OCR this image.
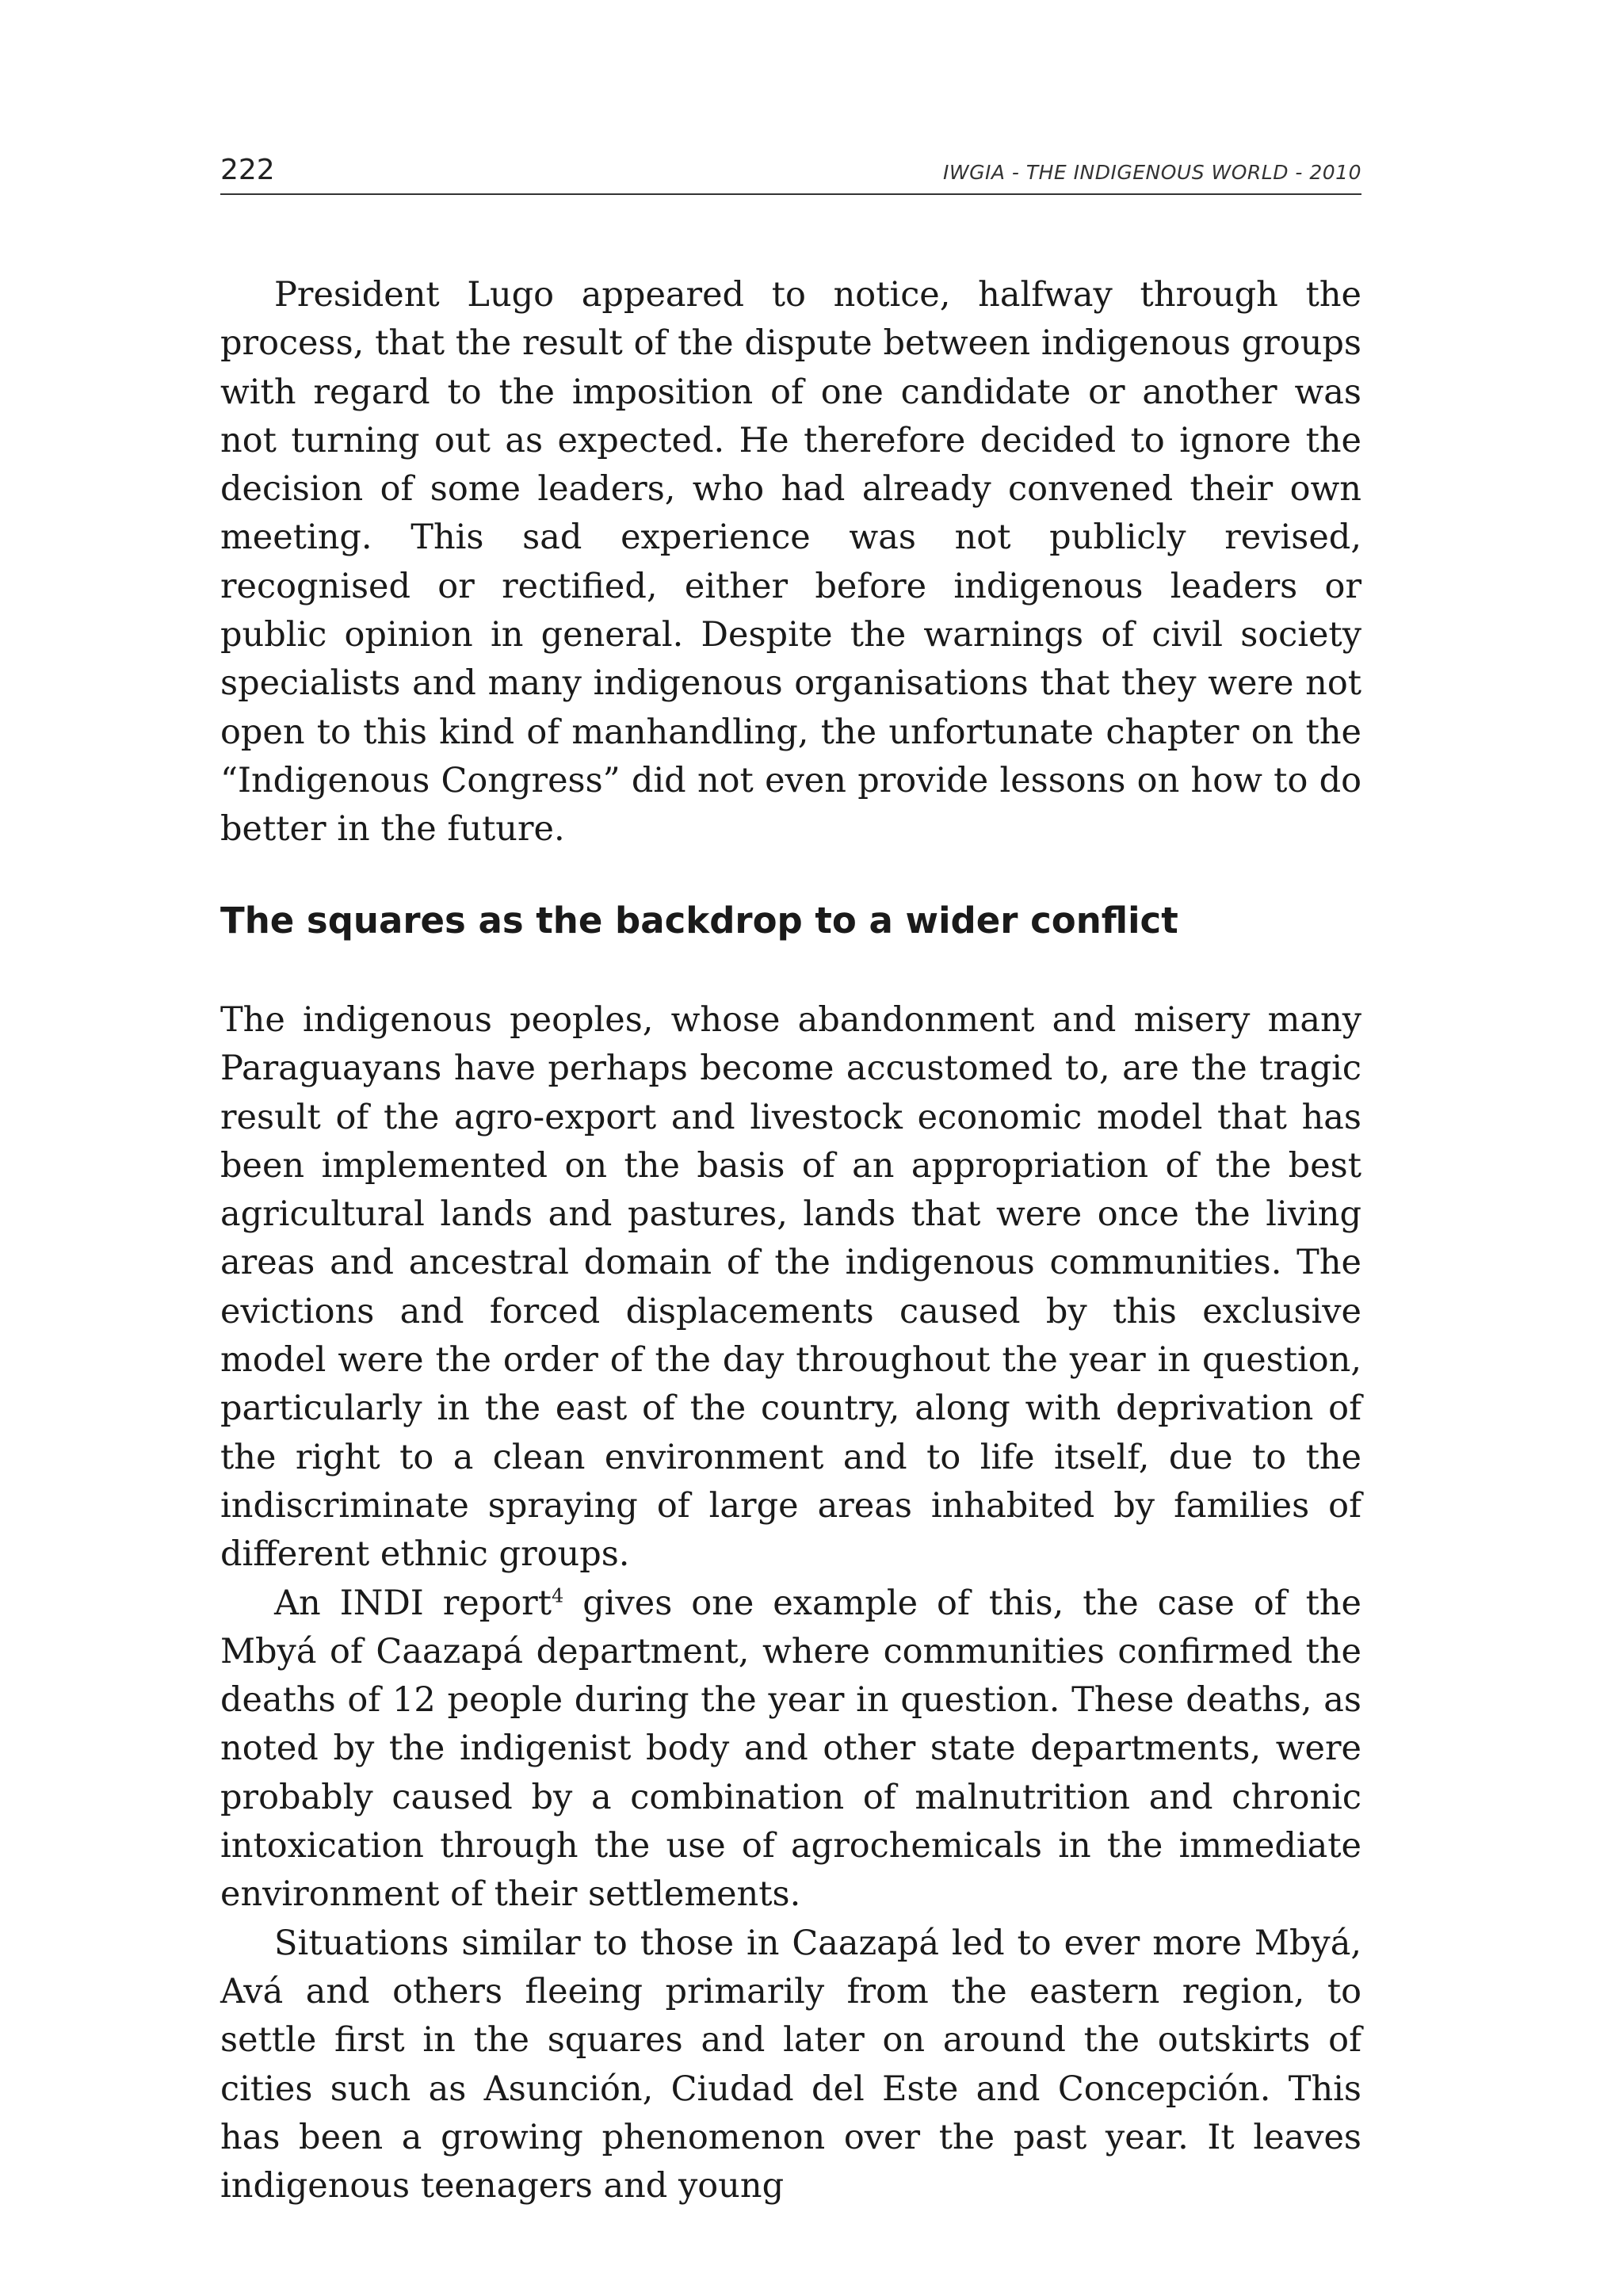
222	IWGIA - THE INDIGENOUS WORLD - 2010

President Lugo appeared to notice, halfway through the process, that the result of the dispute between indigenous groups with regard to the imposition of one candidate or another was not turning out as expected. He therefore decided to ignore the decision of some leaders, who had already convened their own meeting. This sad experience was not publicly revised, recognised or rectified, either before indigenous leaders or public opinion in general. Despite the warnings of civil society specialists and many indigenous organisations that they were not open to this kind of manhandling, the unfortunate chapter on the “Indigenous Congress” did not even provide lessons on how to do better in the future.

The squares as the backdrop to a wider conflict

The indigenous peoples, whose abandonment and misery many Paraguayans have perhaps become accustomed to, are the tragic result of the agro-export and livestock economic model that has been implemented on the basis of an appropriation of the best agricultural lands and pastures, lands that were once the living areas and ancestral domain of the indigenous communities. The evictions and forced displacements caused by this exclusive model were the order of the day throughout the year in question, particularly in the east of the country, along with deprivation of the right to a clean environment and to life itself, due to the indiscriminate spraying of large areas inhabited by families of different ethnic groups.

An INDI report$^4$ gives one example of this, the case of the Mbyá of Caazapá department, where communities confirmed the deaths of 12 people during the year in question. These deaths, as noted by the indigenist body and other state departments, were probably caused by a combination of malnutrition and chronic intoxication through the use of agrochemicals in the immediate environment of their settlements.

Situations similar to those in Caazapá led to ever more Mbyá, Avá and others fleeing primarily from the eastern region, to settle first in the squares and later on around the outskirts of cities such as Asunción, Ciudad del Este and Concepción. This has been a growing phenomenon over the past year. It leaves indigenous teenagers and young
